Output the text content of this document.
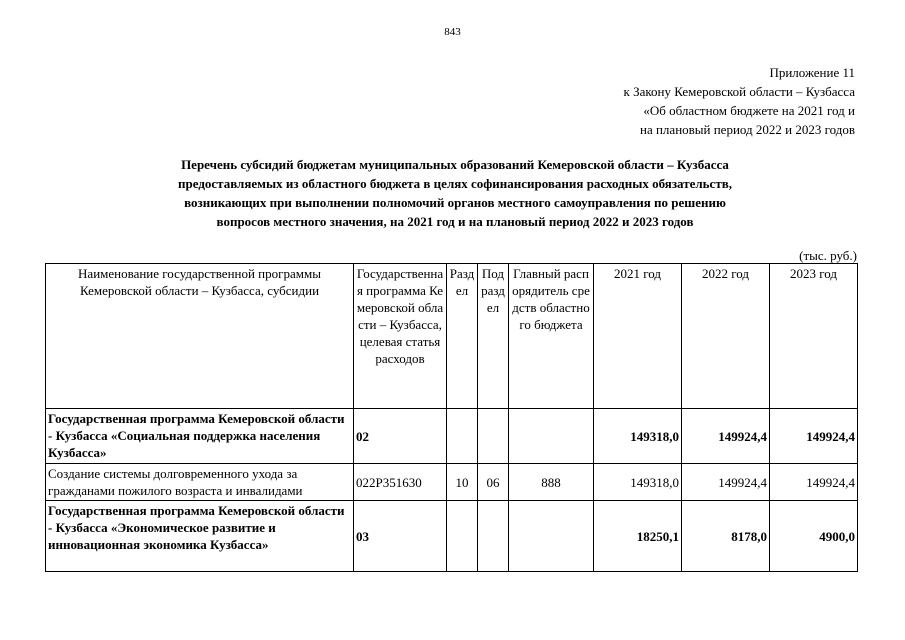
843
Приложение 11
к Закону Кемеровской области – Кузбасса
«Об областном бюджете на 2021 год и
на плановый период 2022 и 2023 годов
Перечень субсидий бюджетам муниципальных образований Кемеровской области – Кузбасса
предоставляемых из областного бюджета в целях софинансирования расходных обязательств,
возникающих при выполнении полномочий органов местного самоуправления по решению
вопросов местного значения, на 2021 год и на плановый период 2022 и 2023 годов
(тыс. руб.)
Наименование государственной программы Кемеровской области – Кузбасса, субсидии	Государственная программа Кемеровской области – Кузбасса, целевая статья расходов	Раздел	Подраздел	Главный распорядитель средств областного бюджета	2021 год	2022 год	2023 год
Государственная программа Кемеровской области - Кузбасса «Социальная поддержка населения Кузбасса»	02				149318,0	149924,4	149924,4
Создание системы долговременного ухода за гражданами пожилого возраста и инвалидами	022P351630	10	06	888	149318,0	149924,4	149924,4
Государственная программа Кемеровской области - Кузбасса «Экономическое развитие и инновационная экономика Кузбасса»	03				18250,1	8178,0	4900,0
